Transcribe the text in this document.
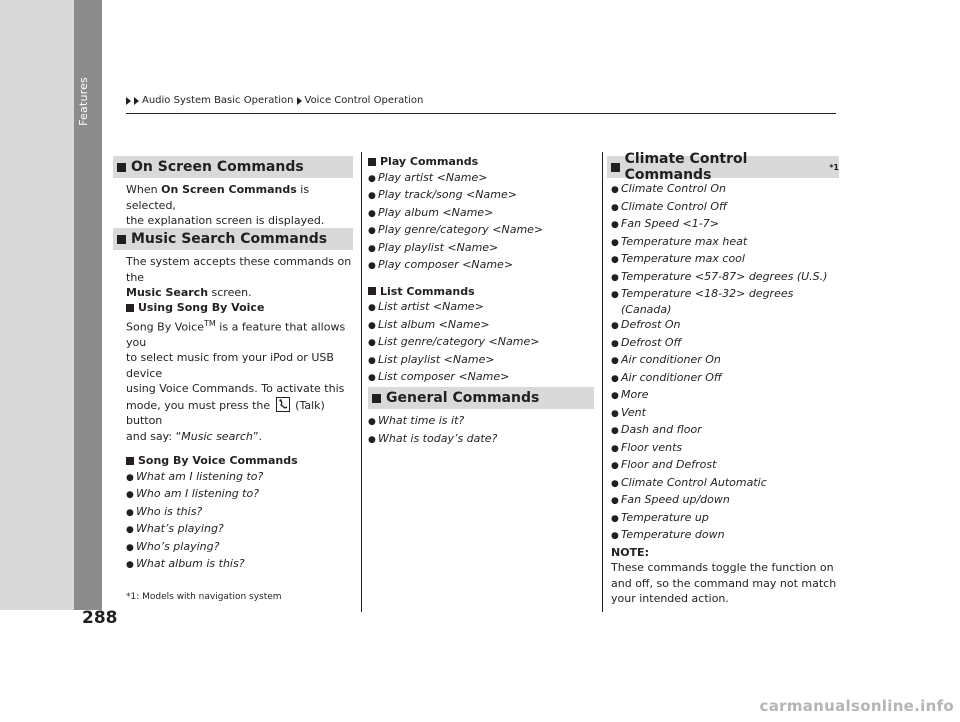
Features
288
Audio System Basic Operation Voice Control Operation
On Screen Commands
When On Screen Commands is selected,
the explanation screen is displayed.
Music Search Commands
The system accepts these commands on the
Music Search screen.
Using Song By Voice
Song By Voice™ is a feature that allows you
to select music from your iPod or USB device
using Voice Commands. To activate this
mode, you must press the (Talk) button
and say: “Music search”.
Song By Voice Commands
● What am I listening to?
● Who am I listening to?
● Who is this?
● What’s playing?
● Who’s playing?
● What album is this?
*1: Models with navigation system
Play Commands
● Play artist <Name>
● Play track/song <Name>
● Play album <Name>
● Play genre/category <Name>
● Play playlist <Name>
● Play composer <Name>
List Commands
● List artist <Name>
● List album <Name>
● List genre/category <Name>
● List playlist <Name>
● List composer <Name>
General Commands
● What time is it?
● What is today’s date?
Climate Control Commands	*1
● Climate Control On
● Climate Control Off
● Fan Speed <1-7>
● Temperature max heat
● Temperature max cool
● Temperature <57-87> degrees (U.S.)
● Temperature <18-32> degrees (Canada)
● Defrost On
● Defrost Off
● Air conditioner On
● Air conditioner Off
● More
● Vent
● Dash and floor
● Floor vents
● Floor and Defrost
● Climate Control Automatic
● Fan Speed up/down
● Temperature up
● Temperature down
NOTE:
These commands toggle the function on
and off, so the command may not match
your intended action.
carmanualsonline.info
